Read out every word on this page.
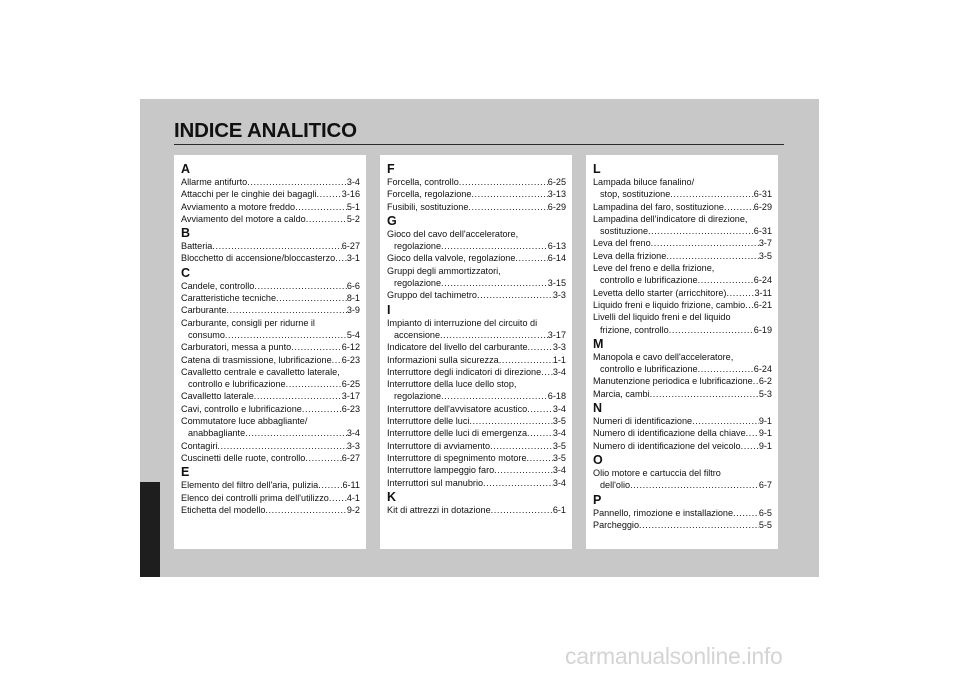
INDICE ANALITICO
A
Allarme antifurto .....	3-4
Attacchi per le cinghie dei bagagli .....	3-16
Avviamento a motore freddo .....	5-1
Avviamento del motore a caldo .....	5-2
B
Batteria .....	6-27
Blocchetto di accensione/bloccasterzo ..... 3-1
C
Candele, controllo .....	6-6
Caratteristiche tecniche .....	8-1
Carburante .....	3-9
Carburante, consigli per ridurne il
consumo .....	5-4
Carburatori, messa a punto .....	6-12
Catena di trasmissione, lubrificazione ..... 6-23
Cavalletto centrale e cavalletto laterale,
controllo e lubrificazione .....	6-25
Cavalletto laterale .....	3-17
Cavi, controllo e lubrificazione .....	6-23
Commutatore luce abbagliante/
anabbagliante .....	3-4
Contagiri .....	3-3
Cuscinetti delle ruote, controllo .....	6-27
E
Elemento del filtro dell'aria, pulizia .....	6-11
Elenco dei controlli prima dell'utilizzo ..... 4-1
Etichetta del modello .....	9-2
F
Forcella, controllo .....	6-25
Forcella, regolazione .....	3-13
Fusibili, sostituzione .....	6-29
G
Gioco del cavo dell'acceleratore,
regolazione .....	6-13
Gioco della valvole, regolazione .....	6-14
Gruppi degli ammortizzatori,
regolazione .....	3-15
Gruppo del tachimetro .....	3-3
I
Impianto di interruzione del circuito di
accensione .....	3-17
Indicatore del livello del carburante .....	3-3
Informazioni sulla sicurezza .....	1-1
Interruttore degli indicatori di direzione ..... 3-4
Interruttore della luce dello stop,
regolazione .....	6-18
Interruttore dell'avvisatore acustico .....	3-4
Interruttore delle luci .....	3-5
Interruttore delle luci di emergenza .....	3-4
Interruttore di avviamento .....	3-5
Interruttore di spegnimento motore .....	3-5
Interruttore lampeggio faro .....	3-4
Interruttori sul manubrio .....	3-4
K
Kit di attrezzi in dotazione .....	6-1
L
Lampada biluce fanalino/
stop, sostituzione .....	6-31
Lampadina del faro, sostituzione .....	6-29
Lampadina dell'indicatore di direzione,
sostituzione .....	6-31
Leva del freno .....	3-7
Leva della frizione .....	3-5
Leve del freno e della frizione,
controllo e lubrificazione .....	6-24
Levetta dello starter (arricchitore) .....	3-11
Liquido freni e liquido frizione, cambio ..... 6-21
Livelli del liquido freni e del liquido
frizione, controllo .....	6-19
M
Manopola e cavo dell'acceleratore,
controllo e lubrificazione .....	6-24
Manutenzione periodica e lubrificazione ..... 6-2
Marcia, cambi .....	5-3
N
Numeri di identificazione .....	9-1
Numero di identificazione della chiave ..... 9-1
Numero di identificazione del veicolo ..... 9-1
O
Olio motore e cartuccia del filtro
dell'olio .....	6-7
P
Pannello, rimozione e installazione .....	6-5
Parcheggio .....	5-5
carmanualsonline.info
